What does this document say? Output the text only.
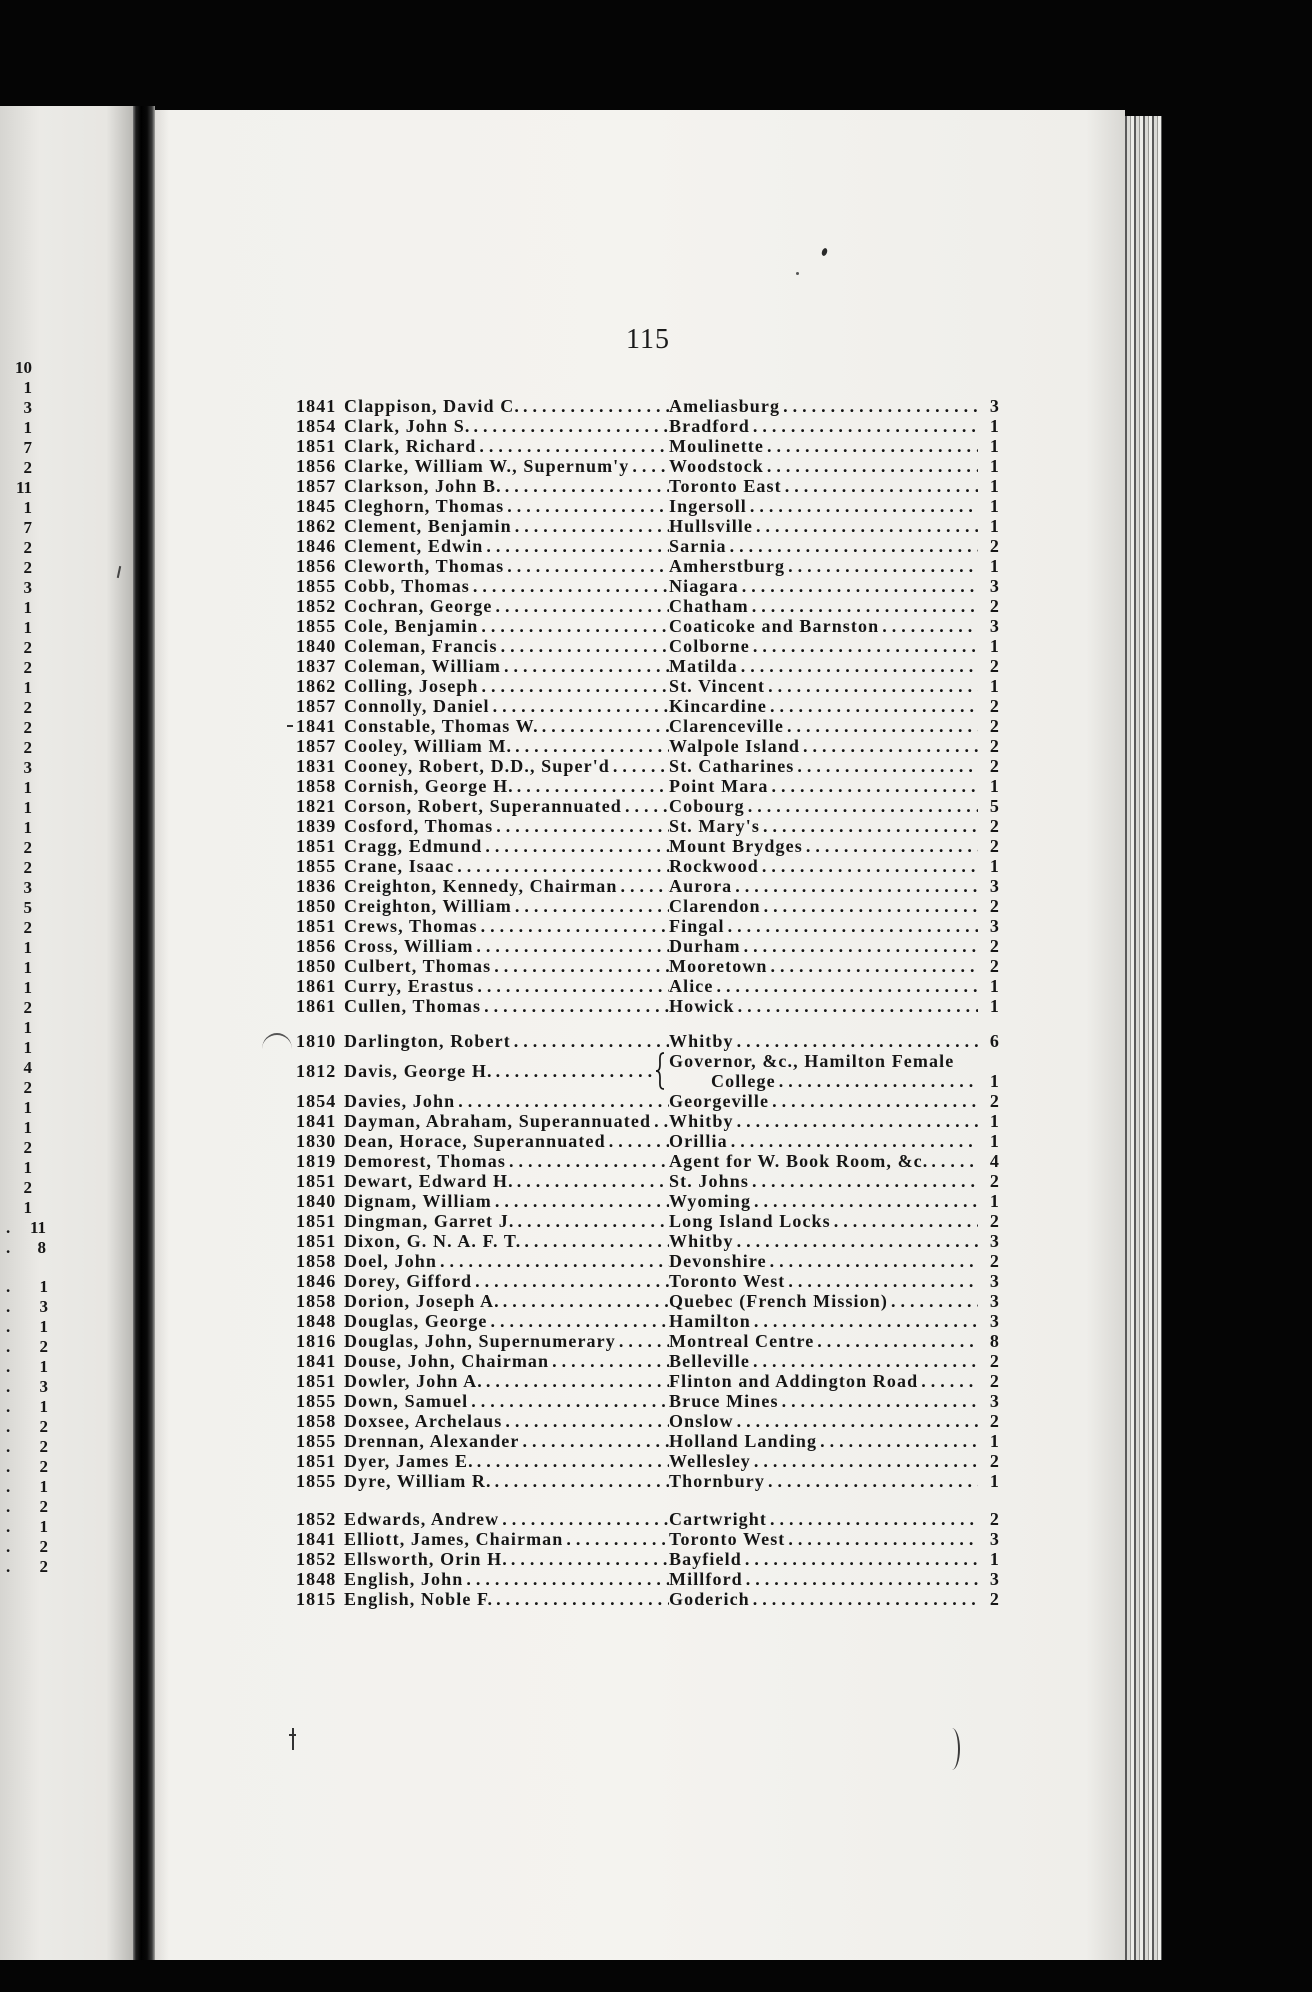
10
1
3
1
7
2
11
1
7
2
2
3
1
1
2
2
1
2
2
2
3
1
1
1
2
2
3
5
2
1
1
1
2
1
1
4
2
1
1
2
1
2
1
. 11
. 8
. 1
. 3
. 1
. 2
. 1
. 3
. 1
. 2
. 2
. 2
. 1
. 2
. 1
. 2
. 2
115
1841 Clappison, David C. .....	Ameliasburg .....	3
1854 Clark, John S. .....	Bradford .....	1
1851 Clark, Richard .....	Moulinette .....	1
1856 Clarke, William W., Supernum'y ..... Woodstock .....	1
1857 Clarkson, John B. .....	Toronto East .....	1
1845 Cleghorn, Thomas .....	Ingersoll .....	1
1862 Clement, Benjamin .....	Hullsville .....	1
1846 Clement, Edwin .....	Sarnia .....	2
1856 Cleworth, Thomas .....	Amherstburg .....	1
1855 Cobb, Thomas .....	Niagara .....	3
1852 Cochran, George .....	Chatham .....	2
1855 Cole, Benjamin .....	Coaticoke and Barnston .....	3
1840 Coleman, Francis .....	Colborne .....	1
1837 Coleman, William .....	Matilda .....	2
1862 Colling, Joseph .....	St. Vincent .....	1
1857 Connolly, Daniel .....	Kincardine .....	2
1841 Constable, Thomas W. .....	Clarenceville .....	2
1857 Cooley, William M. .....	Walpole Island .....	2
1831 Cooney, Robert, D.D., Super'd .....	St. Catharines .....	2
1858 Cornish, George H. .....	Point Mara .....	1
1821 Corson, Robert, Superannuated .....	Cobourg .....	5
1839 Cosford, Thomas .....	St. Mary's .....	2
1851 Cragg, Edmund .....	Mount Brydges .....	2
1855 Crane, Isaac .....	Rockwood .....	1
1836 Creighton, Kennedy, Chairman .....	Aurora .....	3
1850 Creighton, William .....	Clarendon .....	2
1851 Crews, Thomas .....	Fingal .....	3
1856 Cross, William .....	Durham .....	2
1850 Culbert, Thomas .....	Mooretown .....	2
1861 Curry, Erastus .....	Alice .....	1
1861 Cullen, Thomas .....	Howick .....	1
1810 Darlington, Robert .....	Whitby .....	6
1812 Davis, George H. .....	Governor, &c., Hamilton Female
College .....	1
1854 Davies, John .....	Georgeville .....	2
1841 Dayman, Abraham, Superannuated ..... Whitby .....	1
1830 Dean, Horace, Superannuated .....	Orillia .....	1
1819 Demorest, Thomas .....	Agent for W. Book Room, &c. .....	4
1851 Dewart, Edward H. .....	St. Johns .....	2
1840 Dignam, William .....	Wyoming .....	1
1851 Dingman, Garret J. .....	Long Island Locks .....	2
1851 Dixon, G. N. A. F. T. .....	Whitby .....	3
1858 Doel, John .....	Devonshire .....	2
1846 Dorey, Gifford .....	Toronto West .....	3
1858 Dorion, Joseph A. .....	Quebec (French Mission) .....	3
1848 Douglas, George .....	Hamilton .....	3
1816 Douglas, John, Supernumerary .....	Montreal Centre .....	8
1841 Douse, John, Chairman .....	Belleville .....	2
1851 Dowler, John A. .....	Flinton and Addington Road .....	2
1855 Down, Samuel .....	Bruce Mines .....	3
1858 Doxsee, Archelaus .....	Onslow .....	2
1855 Drennan, Alexander .....	Holland Landing .....	1
1851 Dyer, James E. .....	Wellesley .....	2
1855 Dyre, William R. .....	Thornbury .....	1
1852 Edwards, Andrew .....	Cartwright .....	2
1841 Elliott, James, Chairman .....	Toronto West .....	3
1852 Ellsworth, Orin H. .....	Bayfield .....	1
1848 English, John .....	Millford .....	3
1815 English, Noble F. .....	Goderich .....	2
